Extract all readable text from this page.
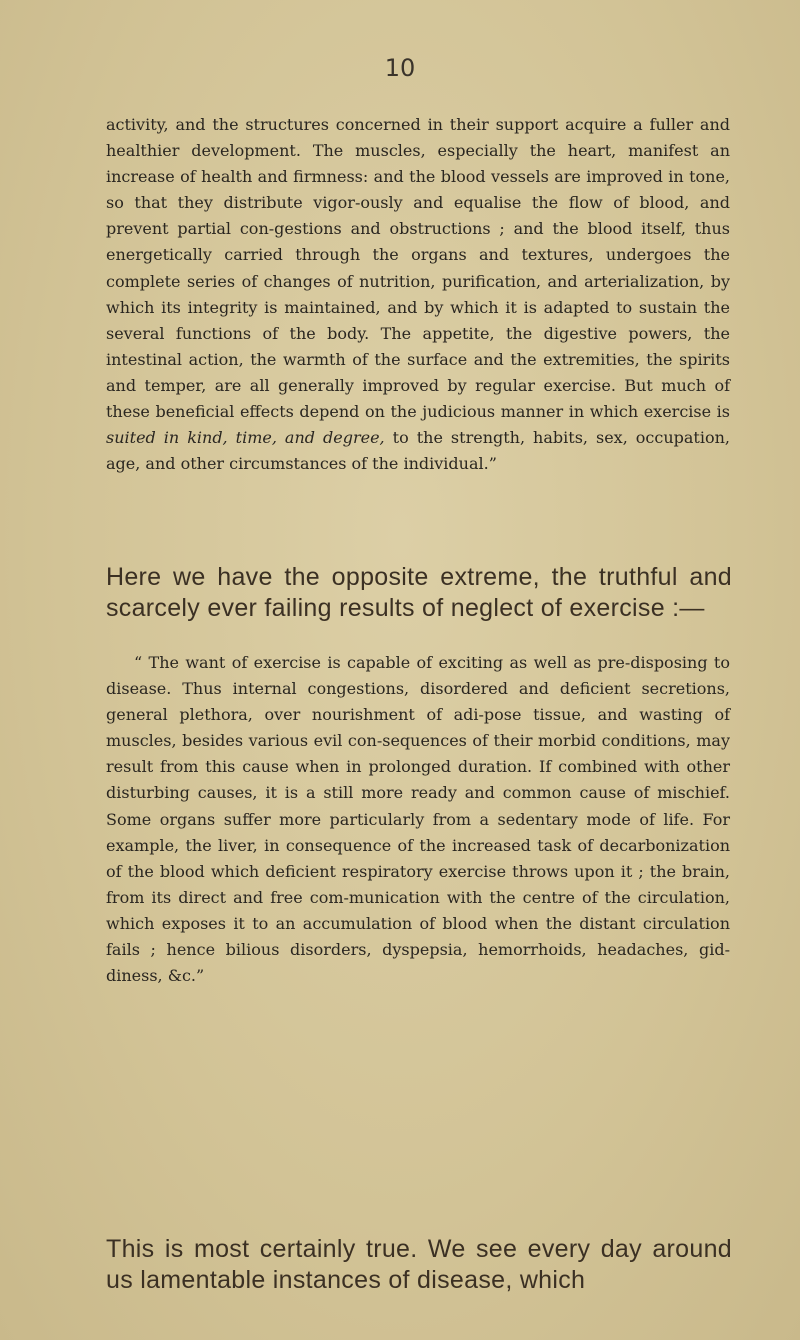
10

activity, and the structures concerned in their support acquire a fuller and healthier development. The muscles, especially the heart, manifest an increase of health and firmness: and the blood vessels are improved in tone, so that they distribute vigor-ously and equalise the flow of blood, and prevent partial con-gestions and obstructions ; and the blood itself, thus energetically carried through the organs and textures, undergoes the complete series of changes of nutrition, purification, and arterialization, by which its integrity is maintained, and by which it is adapted to sustain the several functions of the body. The appetite, the digestive powers, the intestinal action, the warmth of the surface and the extremities, the spirits and temper, are all generally improved by regular exercise. But much of these beneficial effects depend on the judicious manner in which exercise is suited in kind, time, and degree, to the strength, habits, sex, occupation, age, and other circumstances of the individual.”

Here we have the opposite extreme, the truthful and scarcely ever failing results of neglect of exercise :—

“ The want of exercise is capable of exciting as well as pre-disposing to disease. Thus internal congestions, disordered and deficient secretions, general plethora, over nourishment of adi-pose tissue, and wasting of muscles, besides various evil con-sequences of their morbid conditions, may result from this cause when in prolonged duration. If combined with other disturbing causes, it is a still more ready and common cause of mischief. Some organs suffer more particularly from a sedentary mode of life. For example, the liver, in consequence of the increased task of decarbonization of the blood which deficient respiratory exercise throws upon it ; the brain, from its direct and free com-munication with the centre of the circulation, which exposes it to an accumulation of blood when the distant circulation fails ; hence bilious disorders, dyspepsia, hemorrhoids, headaches, gid-diness, &c.”

This is most certainly true. We see every day around us lamentable instances of disease, which
